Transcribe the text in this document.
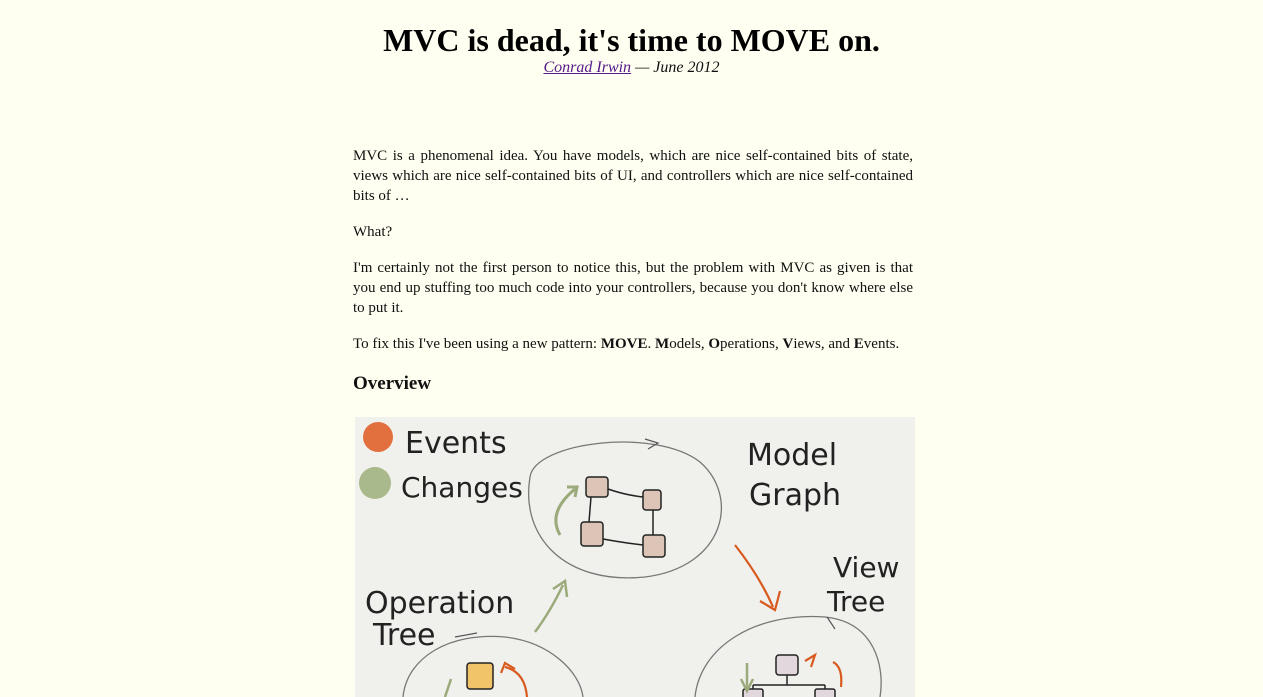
MVC is dead, it's time to MOVE on.
Conrad Irwin — June 2012

MVC is a phenomenal idea. You have models, which are nice self-contained bits of state, views which are nice self-contained bits of UI, and controllers which are nice self-contained bits of …

What?

I'm certainly not the first person to notice this, but the problem with MVC as given is that you end up stuffing too much code into your controllers, because you don't know where else to put it.

To fix this I've been using a new pattern: MOVE. Models, Operations, Views, and Events.

Overview
Events
Changes
Model
Graph
View
Tree
Operation
Tree
